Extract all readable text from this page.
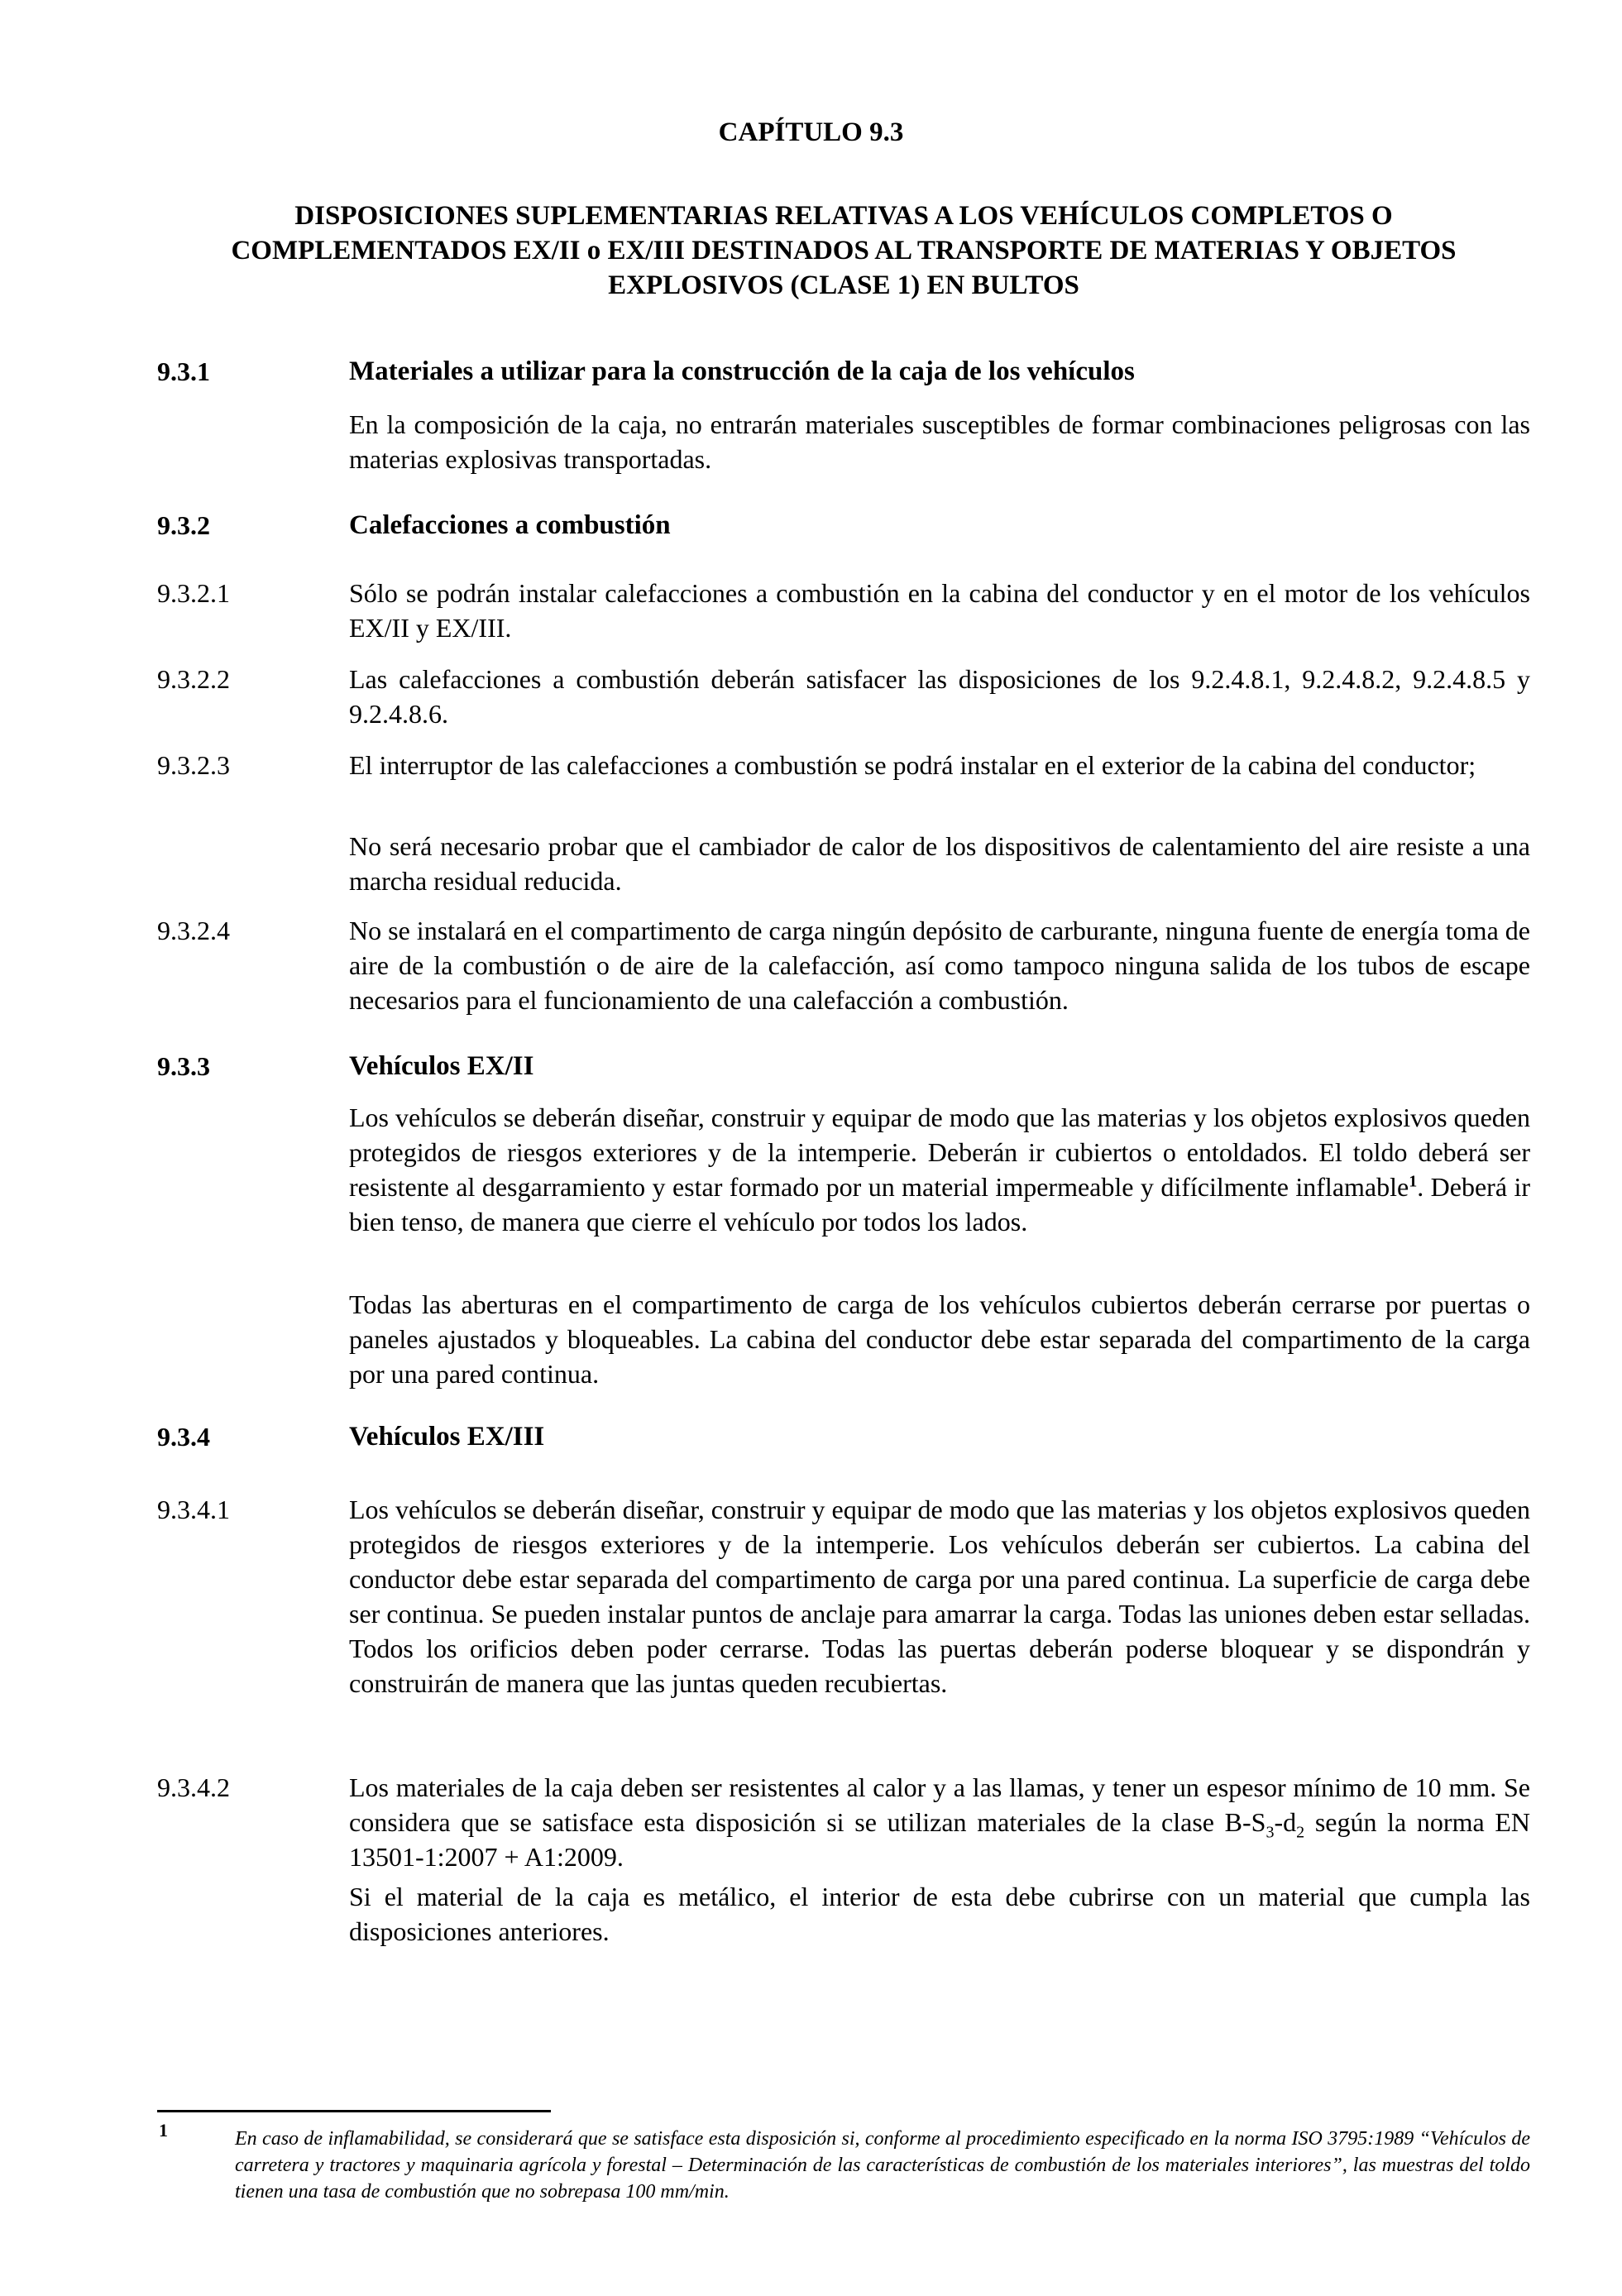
CAPÍTULO 9.3
DISPOSICIONES SUPLEMENTARIAS RELATIVAS A LOS VEHÍCULOS COMPLETOS O COMPLEMENTADOS EX/II o EX/III DESTINADOS AL TRANSPORTE DE MATERIAS Y OBJETOS EXPLOSIVOS (CLASE 1) EN BULTOS
9.3.1	Materiales a utilizar para la construcción de la caja de los vehículos

En la composición de la caja, no entrarán materiales susceptibles de formar combinaciones peligrosas con las materias explosivas transportadas.

9.3.2	Calefacciones a combustión
9.3.2.1	Sólo se podrán instalar calefacciones a combustión en la cabina del conductor y en el motor de los vehículos EX/II y EX/III.

9.3.2.2	Las calefacciones a combustión deberán satisfacer las disposiciones de los 9.2.4.8.1, 9.2.4.8.2, 9.2.4.8.5 y 9.2.4.8.6.

9.3.2.3	El interruptor de las calefacciones a combustión se podrá instalar en el exterior de la cabina del conductor;

No será necesario probar que el cambiador de calor de los dispositivos de calentamiento del aire resiste a una marcha residual reducida.

9.3.2.4	No se instalará en el compartimento de carga ningún depósito de carburante, ninguna fuente de energía toma de aire de la combustión o de aire de la calefacción, así como tampoco ninguna salida de los tubos de escape necesarios para el funcionamiento de una calefacción a combustión.

9.3.3	Vehículos EX/II

Los vehículos se deberán diseñar, construir y equipar de modo que las materias y los objetos explosivos queden protegidos de riesgos exteriores y de la intemperie. Deberán ir cubiertos o entoldados. El toldo deberá ser resistente al desgarramiento y estar formado por un material impermeable y difícilmente inflamable$^1$. Deberá ir bien tenso, de manera que cierre el vehículo por todos los lados.

Todas las aberturas en el compartimento de carga de los vehículos cubiertos deberán cerrarse por puertas o paneles ajustados y bloqueables. La cabina del conductor debe estar separada del compartimento de la carga por una pared continua.

9.3.4	Vehículos EX/III
9.3.4.1	Los vehículos se deberán diseñar, construir y equipar de modo que las materias y los objetos explosivos queden protegidos de riesgos exteriores y de la intemperie. Los vehículos deberán ser cubiertos. La cabina del conductor debe estar separada del compartimento de carga por una pared continua. La superficie de carga debe ser continua. Se pueden instalar puntos de anclaje para amarrar la carga. Todas las uniones deben estar selladas. Todos los orificios deben poder cerrarse. Todas las puertas deberán poderse bloquear y se dispondrán y construirán de manera que las juntas queden recubiertas.

9.3.4.2	Los materiales de la caja deben ser resistentes al calor y a las llamas, y tener un espesor mínimo de 10 mm. Se considera que se satisface esta disposición si se utilizan materiales de la clase $B-S_3-d_2$ según la norma EN 13501-1:2007 + A1:2009.

Si el material de la caja es metálico, el interior de esta debe cubrirse con un material que cumpla las disposiciones anteriores.

1	En caso de inflamabilidad, se considerará que se satisface esta disposición si, conforme al procedimiento especificado en la norma ISO 3795:1989 “Vehículos de carretera y tractores y maquinaria agrícola y forestal – Determinación de las características de combustión de los materiales interiores”, las muestras del toldo tienen una tasa de combustión que no sobrepasa 100 mm/min.
